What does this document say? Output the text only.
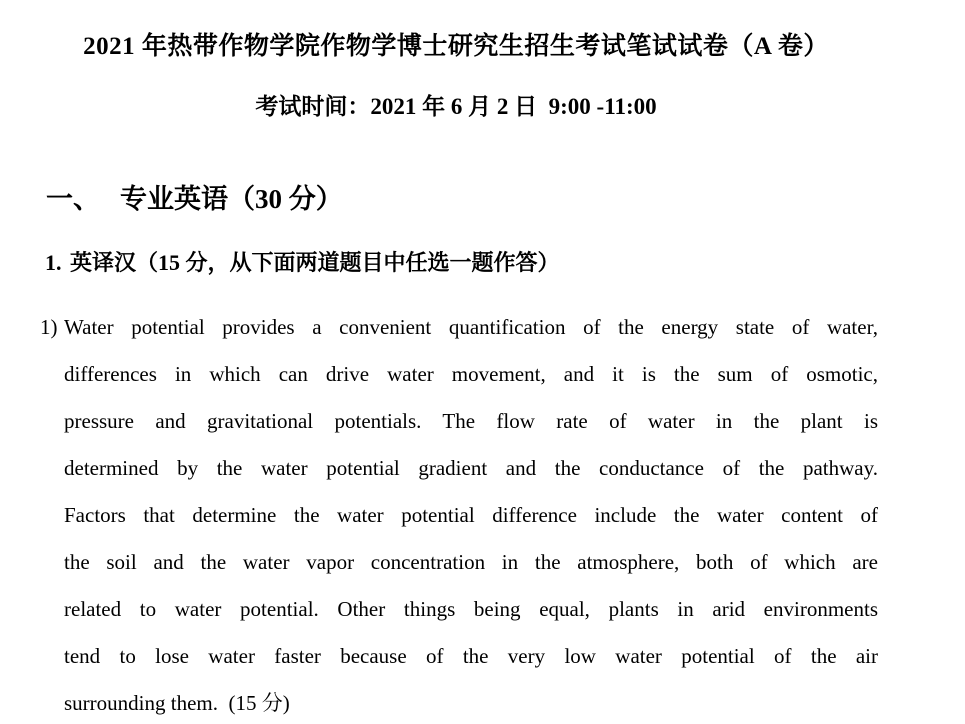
2021 年热带作物学院作物学博士研究生招生考试笔试试卷（A 卷）
考试时间：2021 年 6 月 2 日  9:00 -11:00
一、 专业英语（30 分）
1. 英译汉（15 分，从下面两道题目中任选一题作答）
1) Water potential provides a convenient quantification of the energy state of water,
differences in which can drive water movement, and it is the sum of osmotic,
pressure and gravitational potentials. The flow rate of water in the plant is
determined by the water potential gradient and the conductance of the pathway.
Factors that determine the water potential difference include the water content of
the soil and the water vapor concentration in the atmosphere, both of which are
related to water potential. Other things being equal, plants in arid environments
tend to lose water faster because of the very low water potential of the air
surrounding them.  (15 分)
